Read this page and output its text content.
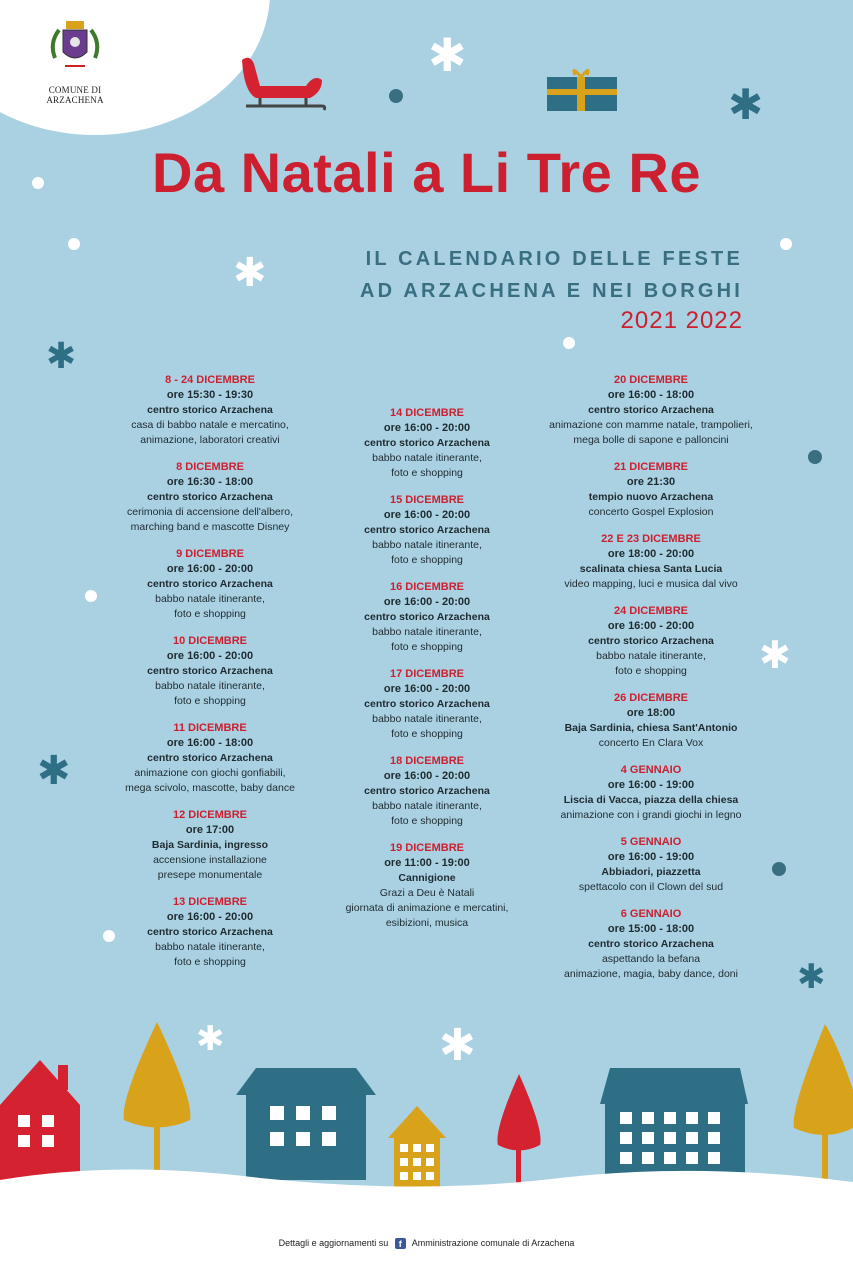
COMUNE DI ARZACHENA
✱
✱
✱
✱
✱
✱
✱
✱	✱
Da Natali a Li Tre Re
IL CALENDARIO DELLE FESTE
AD ARZACHENA E NEI BORGHI
2021 2022
8 - 24 DICEMBRE
ore 15:30 - 19:30
centro storico Arzachena
casa di babbo natale e mercatino,
animazione, laboratori creativi
8 DICEMBRE
ore 16:30 - 18:00
centro storico Arzachena
cerimonia di accensione dell'albero,
marching band e mascotte Disney
9 DICEMBRE
ore 16:00 - 20:00
centro storico Arzachena
babbo natale itinerante,
foto e shopping
10 DICEMBRE
ore 16:00 - 20:00
centro storico Arzachena
babbo natale itinerante,
foto e shopping
11 DICEMBRE
ore 16:00 - 18:00
centro storico Arzachena
animazione con giochi gonfiabili,
mega scivolo, mascotte, baby dance
12 DICEMBRE
ore 17:00
Baja Sardinia, ingresso
accensione installazione
presepe monumentale
13 DICEMBRE
ore 16:00 - 20:00
centro storico Arzachena
babbo natale itinerante,
foto e shopping
14 DICEMBRE
ore 16:00 - 20:00
centro storico Arzachena
babbo natale itinerante,
foto e shopping
15 DICEMBRE
ore 16:00 - 20:00
centro storico Arzachena
babbo natale itinerante,
foto e shopping
16 DICEMBRE
ore 16:00 - 20:00
centro storico Arzachena
babbo natale itinerante,
foto e shopping
17 DICEMBRE
ore 16:00 - 20:00
centro storico Arzachena
babbo natale itinerante,
foto e shopping
18 DICEMBRE
ore 16:00 - 20:00
centro storico Arzachena
babbo natale itinerante,
foto e shopping
19 DICEMBRE
ore 11:00 - 19:00
Cannigione
Grazi a Deu è Natali
giornata di animazione e mercatini,
esibizioni, musica
20 DICEMBRE
ore 16:00 - 18:00
centro storico Arzachena
animazione con mamme natale, trampolieri,
mega bolle di sapone e palloncini
21 DICEMBRE
ore 21:30
tempio nuovo Arzachena
concerto Gospel Explosion
22 E 23 DICEMBRE
ore 18:00 - 20:00
scalinata chiesa Santa Lucia
video mapping, luci e musica dal vivo
24 DICEMBRE
ore 16:00 - 20:00
centro storico Arzachena
babbo natale itinerante,
foto e shopping
26 DICEMBRE
ore 18:00
Baja Sardinia, chiesa Sant'Antonio
concerto En Clara Vox
4 GENNAIO
ore 16:00 - 19:00
Liscia di Vacca, piazza della chiesa
animazione con i grandi giochi in legno
5 GENNAIO
ore 16:00 - 19:00
Abbiadori, piazzetta
spettacolo con il Clown del sud
6 GENNAIO
ore 15:00 - 18:00
centro storico Arzachena
aspettando la befana
animazione, magia, baby dance, doni
Dettagli e aggiornamenti su f Amministrazione comunale di Arzachena
